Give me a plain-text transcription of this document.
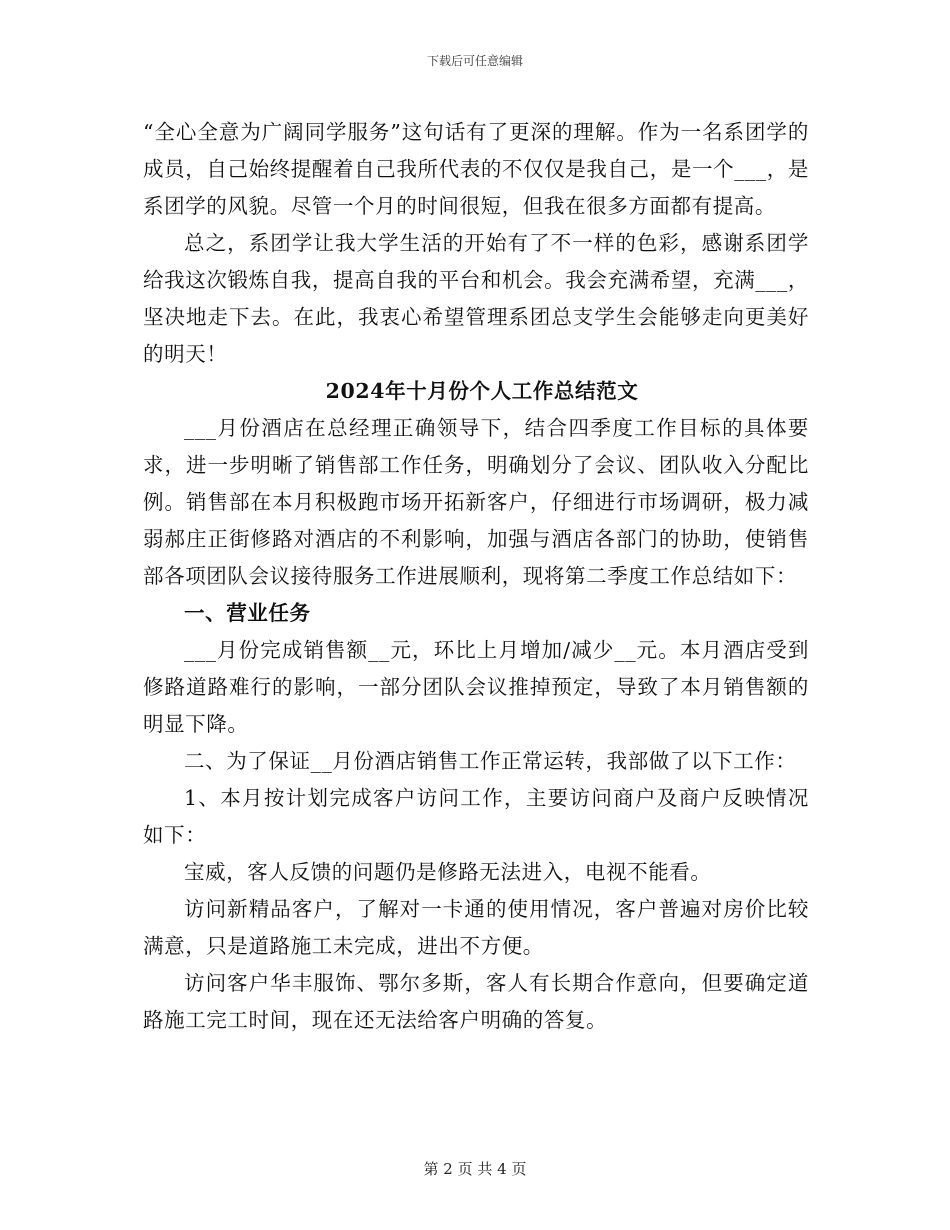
下载后可任意编辑

“全心全意为广阔同学服务”这句话有了更深的理解。作为一名系团学的成员，自己始终提醒着自己我所代表的不仅仅是我自己，是一个___，是系团学的风貌。尽管一个月的时间很短，但我在很多方面都有提高。

总之，系团学让我大学生活的开始有了不一样的色彩，感谢系团学给我这次锻炼自我，提高自我的平台和机会。我会充满希望，充满___，坚决地走下去。在此，我衷心希望管理系团总支学生会能够走向更美好的明天！

2024年十月份个人工作总结范文

___月份酒店在总经理正确领导下，结合四季度工作目标的具体要求，进一步明晰了销售部工作任务，明确划分了会议、团队收入分配比例。销售部在本月积极跑市场开拓新客户，仔细进行市场调研，极力减弱郝庄正街修路对酒店的不利影响，加强与酒店各部门的协助，使销售部各项团队会议接待服务工作进展顺利，现将第二季度工作总结如下：

一、营业任务

___月份完成销售额__元，环比上月增加/减少__元。本月酒店受到修路道路难行的影响，一部分团队会议推掉预定，导致了本月销售额的明显下降。

二、为了保证__月份酒店销售工作正常运转，我部做了以下工作：

1、本月按计划完成客户访问工作，主要访问商户及商户反映情况如下：

宝威，客人反馈的问题仍是修路无法进入，电视不能看。

访问新精品客户，了解对一卡通的使用情况，客户普遍对房价比较满意，只是道路施工未完成，进出不方便。

访问客户华丰服饰、鄂尔多斯，客人有长期合作意向，但要确定道路施工完工时间，现在还无法给客户明确的答复。

第 2 页 共 4 页
